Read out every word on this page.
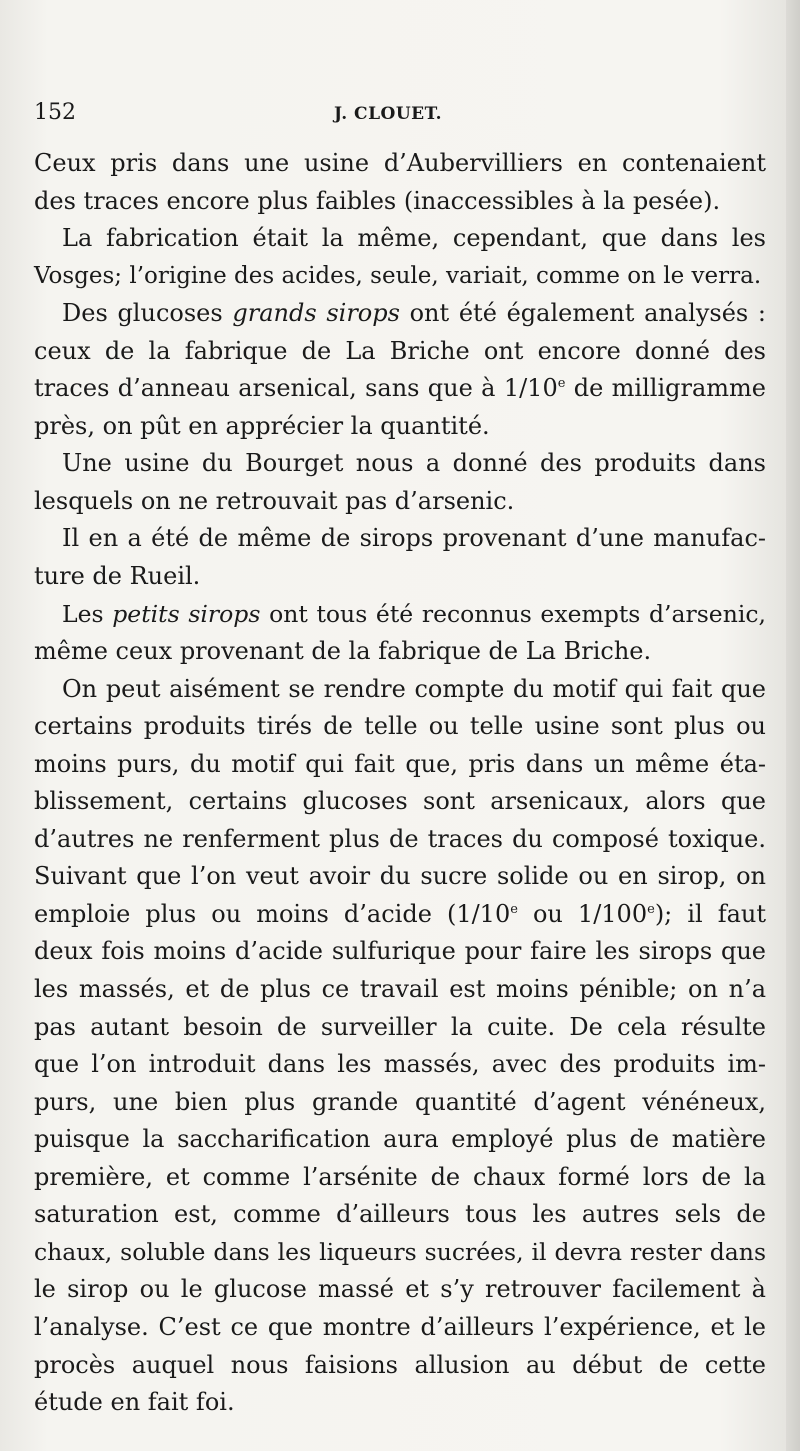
152	J. CLOUET.
Ceux pris dans une usine d’Aubervilliers en contenaient
des traces encore plus faibles (inaccessibles à la pesée).
La fabrication était la même, cependant, que dans les
Vosges; l’origine des acides, seule, variait, comme on le verra.
Des glucoses grands sirops ont été également analysés :
ceux de la fabrique de La Briche ont encore donné des
traces d’anneau arsenical, sans que à 1/10e de milligramme
près, on pût en apprécier la quantité.
Une usine du Bourget nous a donné des produits dans
lesquels on ne retrouvait pas d’arsenic.
Il en a été de même de sirops provenant d’une manufac-
ture de Rueil.
Les petits sirops ont tous été reconnus exempts d’arsenic,
même ceux provenant de la fabrique de La Briche.
On peut aisément se rendre compte du motif qui fait que
certains produits tirés de telle ou telle usine sont plus ou
moins purs, du motif qui fait que, pris dans un même éta-
blissement, certains glucoses sont arsenicaux, alors que
d’autres ne renferment plus de traces du composé toxique.
Suivant que l’on veut avoir du sucre solide ou en sirop, on
emploie plus ou moins d’acide (1/10e ou 1/100e); il faut
deux fois moins d’acide sulfurique pour faire les sirops que
les massés, et de plus ce travail est moins pénible; on n’a
pas autant besoin de surveiller la cuite. De cela résulte
que l’on introduit dans les massés, avec des produits im-
purs, une bien plus grande quantité d’agent vénéneux,
puisque la saccharification aura employé plus de matière
première, et comme l’arsénite de chaux formé lors de la
saturation est, comme d’ailleurs tous les autres sels de
chaux, soluble dans les liqueurs sucrées, il devra rester dans
le sirop ou le glucose massé et s’y retrouver facilement à
l’analyse. C’est ce que montre d’ailleurs l’expérience, et le
procès auquel nous faisions allusion au début de cette
étude en fait foi.
